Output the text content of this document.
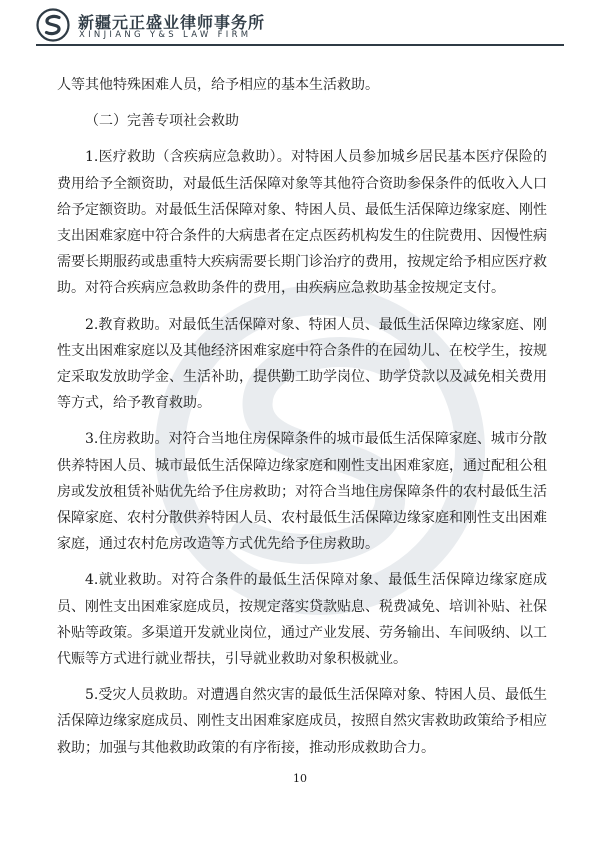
新疆元正盛业律师事务所
XINJIANG Y&S LAW FIRM

人等其他特殊困难人员，给予相应的基本生活救助。

（二）完善专项社会救助

1.医疗救助（含疾病应急救助）。对特困人员参加城乡居民基本医疗保险的费用给予全额资助，对最低生活保障对象等其他符合资助参保条件的低收入人口给予定额资助。对最低生活保障对象、特困人员、最低生活保障边缘家庭、刚性支出困难家庭中符合条件的大病患者在定点医药机构发生的住院费用、因慢性病需要长期服药或患重特大疾病需要长期门诊治疗的费用，按规定给予相应医疗救助。对符合疾病应急救助条件的费用，由疾病应急救助基金按规定支付。

2.教育救助。对最低生活保障对象、特困人员、最低生活保障边缘家庭、刚性支出困难家庭以及其他经济困难家庭中符合条件的在园幼儿、在校学生，按规定采取发放助学金、生活补助，提供勤工助学岗位、助学贷款以及减免相关费用等方式，给予教育救助。

3.住房救助。对符合当地住房保障条件的城市最低生活保障家庭、城市分散供养特困人员、城市最低生活保障边缘家庭和刚性支出困难家庭，通过配租公租房或发放租赁补贴优先给予住房救助；对符合当地住房保障条件的农村最低生活保障家庭、农村分散供养特困人员、农村最低生活保障边缘家庭和刚性支出困难家庭，通过农村危房改造等方式优先给予住房救助。

4.就业救助。对符合条件的最低生活保障对象、最低生活保障边缘家庭成员、刚性支出困难家庭成员，按规定落实贷款贴息、税费减免、培训补贴、社保补贴等政策。多渠道开发就业岗位，通过产业发展、劳务输出、车间吸纳、以工代赈等方式进行就业帮扶，引导就业救助对象积极就业。

5.受灾人员救助。对遭遇自然灾害的最低生活保障对象、特困人员、最低生活保障边缘家庭成员、刚性支出困难家庭成员，按照自然灾害救助政策给予相应救助；加强与其他救助政策的有序衔接，推动形成救助合力。

10
